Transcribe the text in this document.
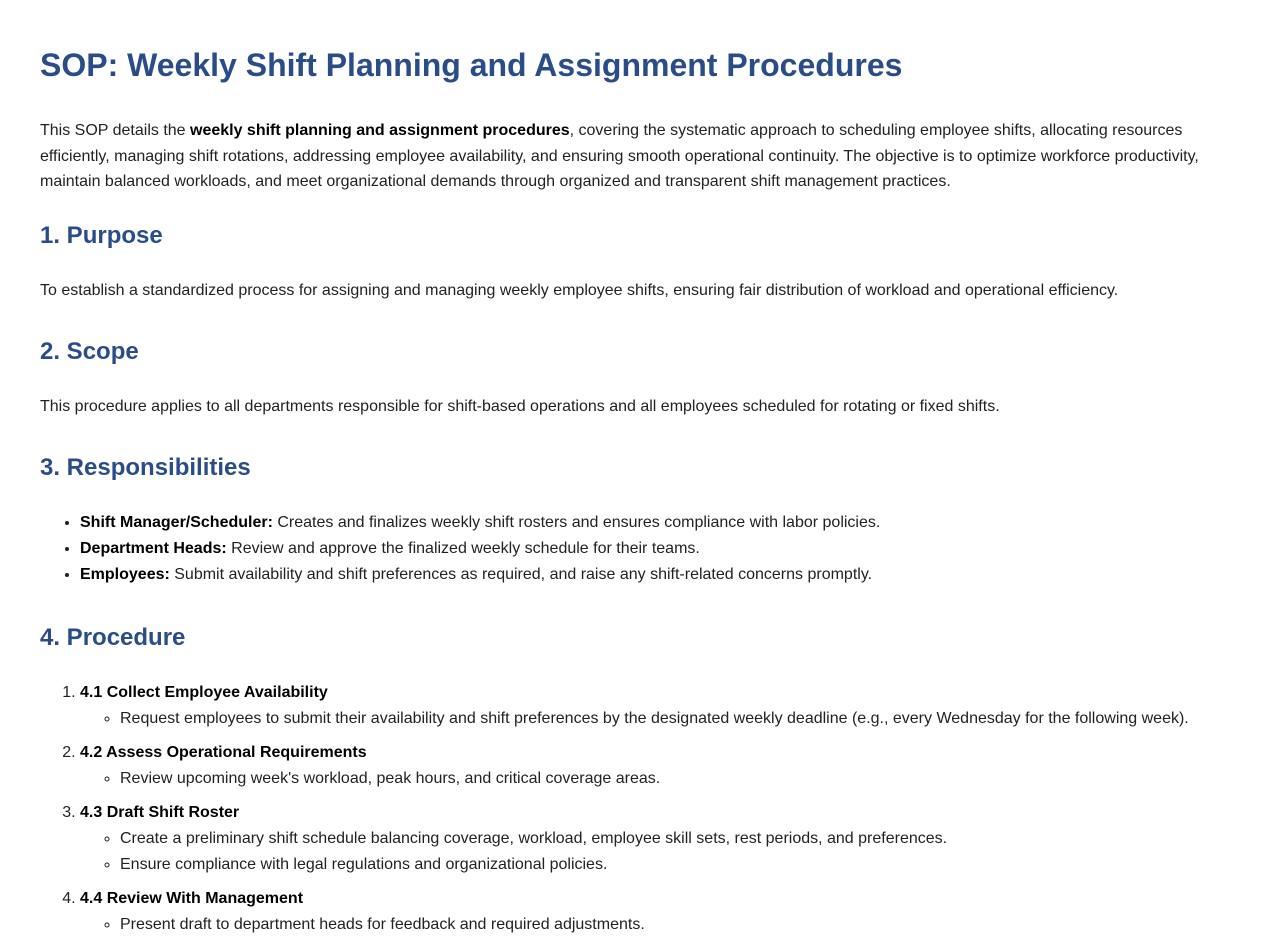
SOP: Weekly Shift Planning and Assignment Procedures

This SOP details the weekly shift planning and assignment procedures, covering the systematic approach to scheduling employee shifts, allocating resources efficiently, managing shift rotations, addressing employee availability, and ensuring smooth operational continuity. The objective is to optimize workforce productivity, maintain balanced workloads, and meet organizational demands through organized and transparent shift management practices.

1. Purpose

To establish a standardized process for assigning and managing weekly employee shifts, ensuring fair distribution of workload and operational efficiency.

2. Scope

This procedure applies to all departments responsible for shift-based operations and all employees scheduled for rotating or fixed shifts.

3. Responsibilities
• Shift Manager/Scheduler: Creates and finalizes weekly shift rosters and ensures compliance with labor policies.
• Department Heads: Review and approve the finalized weekly schedule for their teams.
• Employees: Submit availability and shift preferences as required, and raise any shift-related concerns promptly.
4. Procedure
1. 4.1 Collect Employee Availability
◦ Request employees to submit their availability and shift preferences by the designated weekly deadline (e.g., every Wednesday for the following week).
2. 4.2 Assess Operational Requirements
◦ Review upcoming week's workload, peak hours, and critical coverage areas.
3. 4.3 Draft Shift Roster
◦ Create a preliminary shift schedule balancing coverage, workload, employee skill sets, rest periods, and preferences.
◦ Ensure compliance with legal regulations and organizational policies.
4. 4.4 Review With Management
◦ Present draft to department heads for feedback and required adjustments.
